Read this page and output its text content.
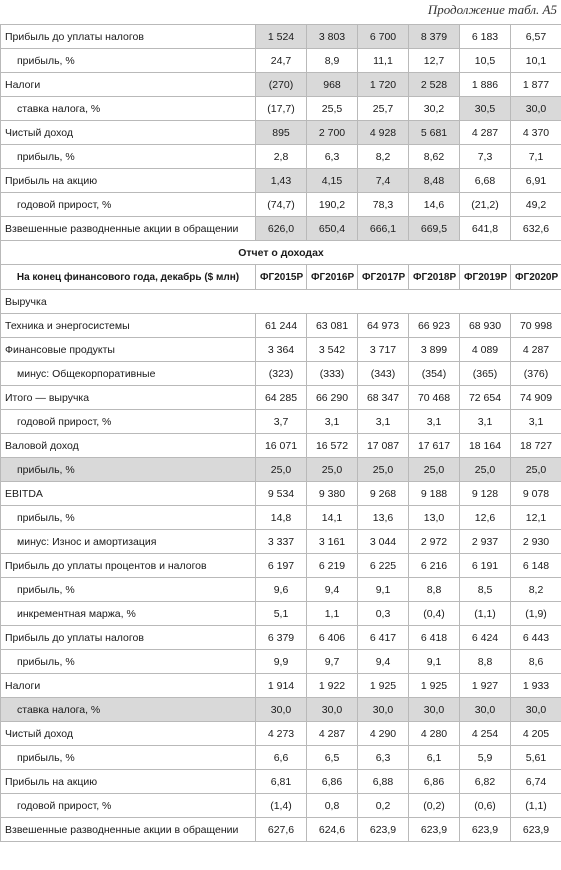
Продолжение табл. А5
Прибыль до уплаты налогов	1 524	3 803	6 700	8 379	6 183	6,57
прибыль, %	24,7	8,9	11,1	12,7	10,5	10,1
Налоги	(270)	968	1 720	2 528	1 886	1 877
ставка налога, %	(17,7)	25,5	25,7	30,2	30,5	30,0
Чистый доход	895	2 700	4 928	5 681	4 287	4 370
прибыль, %	2,8	6,3	8,2	8,62	7,3	7,1
Прибыль на акцию	1,43	4,15	7,4	8,48	6,68	6,91
годовой прирост, %	(74,7)	190,2	78,3	14,6	(21,2)	49,2
Взвешенные разводненные акции в обращении	626,0	650,4	666,1	669,5	641,8	632,6
Отчет о доходах						
На конец финансового года, декабрь ($ млн)	ФГ2015Р	ФГ2016Р	ФГ2017Р	ФГ2018Р	ФГ2019Р	ФГ2020Р
Выручка						
Техника и энергосистемы	61 244	63 081	64 973	66 923	68 930	70 998
Финансовые продукты	3 364	3 542	3 717	3 899	4 089	4 287
минус: Общекорпоративные	(323)	(333)	(343)	(354)	(365)	(376)
Итого — выручка	64 285	66 290	68 347	70 468	72 654	74 909
годовой прирост, %	3,7	3,1	3,1	3,1	3,1	3,1
Валовой доход	16 071	16 572	17 087	17 617	18 164	18 727
прибыль, %	25,0	25,0	25,0	25,0	25,0	25,0
EBITDA	9 534	9 380	9 268	9 188	9 128	9 078
прибыль, %	14,8	14,1	13,6	13,0	12,6	12,1
минус: Износ и амортизация	3 337	3 161	3 044	2 972	2 937	2 930
Прибыль до уплаты процентов и налогов	6 197	6 219	6 225	6 216	6 191	6 148
прибыль, %	9,6	9,4	9,1	8,8	8,5	8,2
инкрементная маржа, %	5,1	1,1	0,3	(0,4)	(1,1)	(1,9)
Прибыль до уплаты налогов	6 379	6 406	6 417	6 418	6 424	6 443
прибыль, %	9,9	9,7	9,4	9,1	8,8	8,6
Налоги	1 914	1 922	1 925	1 925	1 927	1 933
ставка налога, %	30,0	30,0	30,0	30,0	30,0	30,0
Чистый доход	4 273	4 287	4 290	4 280	4 254	4 205
прибыль, %	6,6	6,5	6,3	6,1	5,9	5,61
Прибыль на акцию	6,81	6,86	6,88	6,86	6,82	6,74
годовой прирост, %	(1,4)	0,8	0,2	(0,2)	(0,6)	(1,1)
Взвешенные разводненные акции в обращении	627,6	624,6	623,9	623,9	623,9	623,9
